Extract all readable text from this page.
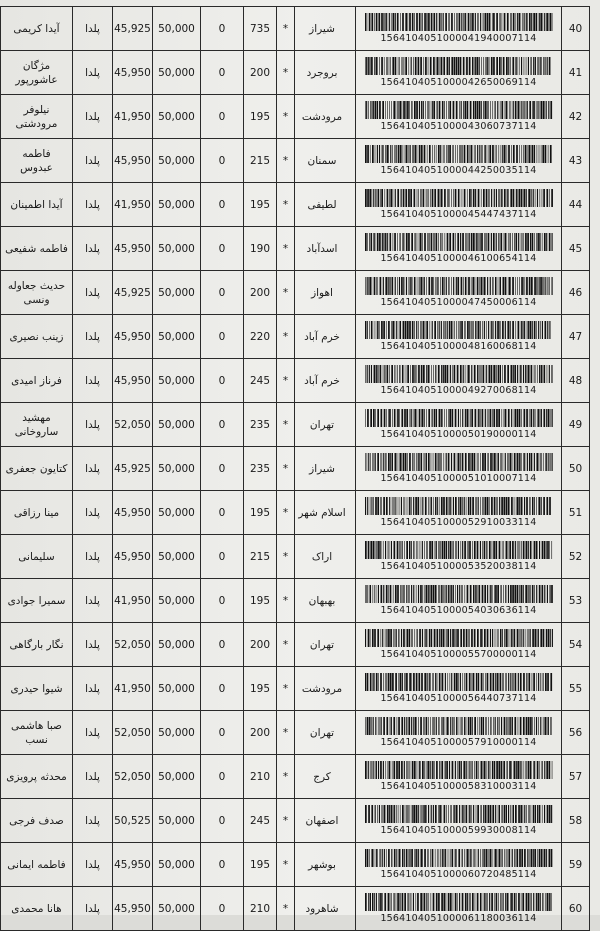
آیدا کریمی	پلدا	45,925	50,000	0	735	*	شیراز	1564104051000041940007114	40
مژگان عاشورپور	پلدا	45,950	50,000	0	200	*	بروجرد	1564104051000042650069114	41
نیلوفر مرودشتی	پلدا	41,950	50,000	0	195	*	مرودشت	1564104051000043060737114	42
فاطمه عبدوس	پلدا	45,950	50,000	0	215	*	سمنان	1564104051000044250035114	43
آیدا اطمینان	پلدا	41,950	50,000	0	195	*	لطیفی	1564104051000045447437114	44
فاطمه شفیعی	پلدا	45,950	50,000	0	190	*	اسدآباد	1564104051000046100654114	45
حدیث جعاوله ونسی	پلدا	45,925	50,000	0	200	*	اهواز	1564104051000047450006114	46
زینب نصیری	پلدا	45,950	50,000	0	220	*	خرم آباد	1564104051000048160068114	47
فرناز امیدی	پلدا	45,950	50,000	0	245	*	خرم آباد	1564104051000049270068114	48
مهشید ساروخانی	پلدا	52,050	50,000	0	235	*	تهران	1564104051000050190000114	49
کتایون جعفری	پلدا	45,925	50,000	0	235	*	شیراز	1564104051000051010007114	50
مینا رزاقی	پلدا	45,950	50,000	0	195	*	اسلام شهر	1564104051000052910033114	51
سلیمانی	پلدا	45,950	50,000	0	215	*	اراک	1564104051000053520038114	52
سمیرا جوادی	پلدا	41,950	50,000	0	195	*	بهبهان	1564104051000054030636114	53
نگار بارگاهی	پلدا	52,050	50,000	0	200	*	تهران	1564104051000055700000114	54
شیوا حیدری	پلدا	41,950	50,000	0	195	*	مرودشت	1564104051000056440737114	55
صبا هاشمی نسب	پلدا	52,050	50,000	0	200	*	تهران	1564104051000057910000114	56
محدثه پرویزی	پلدا	52,050	50,000	0	210	*	کرج	1564104051000058310003114	57
صدف فرجی	پلدا	50,525	50,000	0	245	*	اصفهان	1564104051000059930008114	58
فاطمه ایمانی	پلدا	45,950	50,000	0	195	*	بوشهر	1564104051000060720485114	59
هانا محمدی	پلدا	45,950	50,000	0	210	*	شاهرود	1564104051000061180036114	60
